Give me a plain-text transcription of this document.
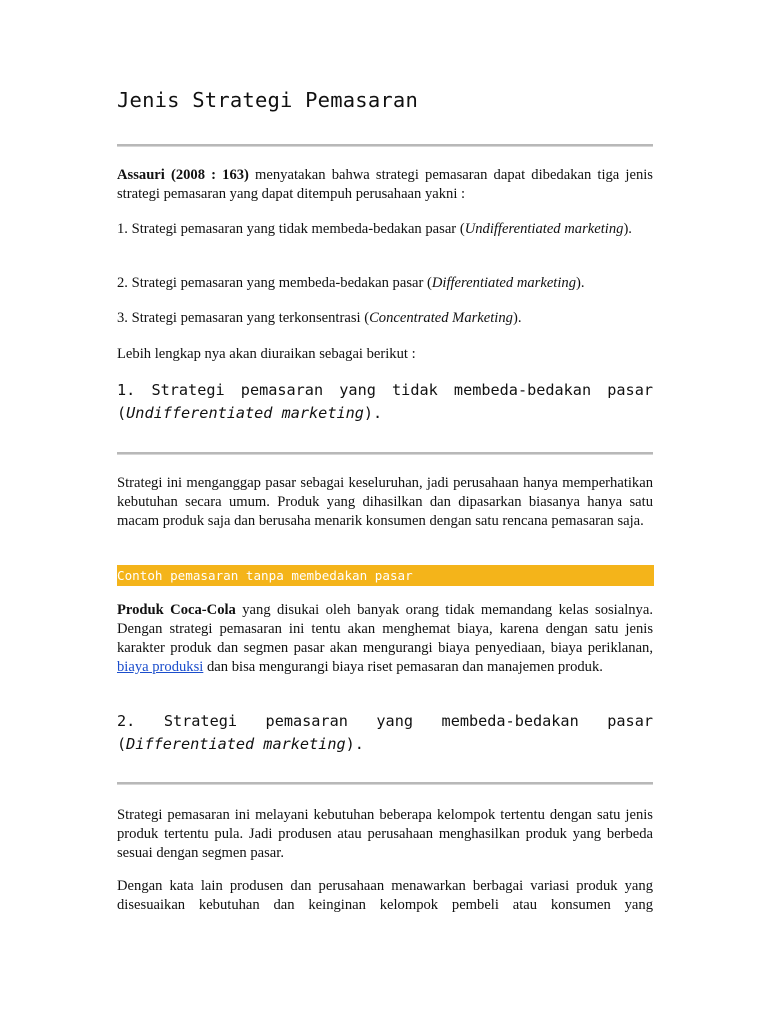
Jenis Strategi Pemasaran

Assauri (2008 : 163) menyatakan bahwa strategi pemasaran dapat dibedakan tiga jenis strategi pemasaran yang dapat ditempuh perusahaan yakni :

1. Strategi pemasaran yang tidak membeda-bedakan pasar (Undifferentiated marketing).

2. Strategi pemasaran yang membeda-bedakan pasar (Differentiated marketing).

3. Strategi pemasaran yang terkonsentrasi (Concentrated Marketing).

Lebih lengkap nya akan diuraikan sebagai berikut :

1. Strategi pemasaran yang tidak membeda-bedakan pasar (Undifferentiated marketing).

Strategi ini menganggap pasar sebagai keseluruhan, jadi perusahaan hanya memperhatikan kebutuhan secara umum. Produk yang dihasilkan dan dipasarkan biasanya hanya satu macam produk saja dan berusaha menarik konsumen dengan satu rencana pemasaran saja.

Contoh pemasaran tanpa membedakan pasar

Produk Coca-Cola yang disukai oleh banyak orang tidak memandang kelas sosialnya. Dengan strategi pemasaran ini tentu akan menghemat biaya, karena dengan satu jenis karakter produk dan segmen pasar akan mengurangi biaya penyediaan, biaya periklanan, biaya produksi dan bisa mengurangi biaya riset pemasaran dan manajemen produk.

2. Strategi pemasaran yang membeda-bedakan pasar (Differentiated marketing).

Strategi pemasaran ini melayani kebutuhan beberapa kelompok tertentu dengan satu jenis produk tertentu pula. Jadi produsen atau perusahaan menghasilkan produk yang berbeda sesuai dengan segmen pasar.

Dengan kata lain produsen dan perusahaan menawarkan berbagai variasi produk yang disesuaikan kebutuhan dan keinginan kelompok pembeli atau konsumen yang
